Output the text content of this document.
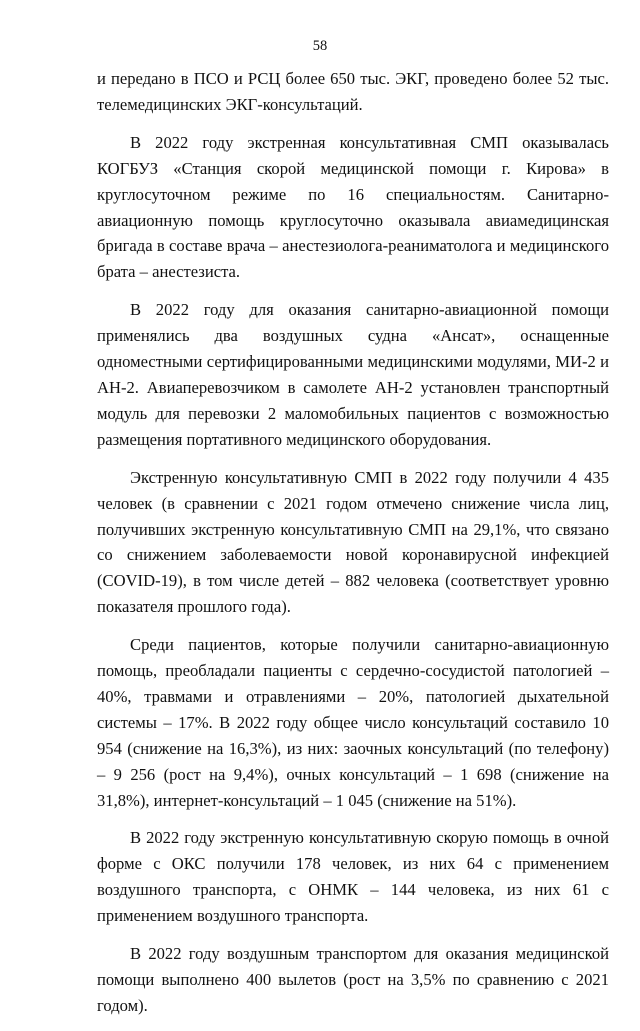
58

и передано в ПСО и РСЦ более 650 тыс. ЭКГ, проведено более 52 тыс. телемедицинских ЭКГ-консультаций.

В 2022 году экстренная консультативная СМП оказывалась КОГБУЗ «Станция скорой медицинской помощи г. Кирова» в круглосуточном режиме по 16 специальностям. Санитарно-авиационную помощь круглосуточно оказывала авиамедицинская бригада в составе врача – анестезиолога-реаниматолога и медицинского брата – анестезиста.

В 2022 году для оказания санитарно-авиационной помощи применялись два воздушных судна «Ансат», оснащенные одноместными сертифицированными медицинскими модулями, МИ-2 и АН-2. Авиаперевозчиком в самолете АН-2 установлен транспортный модуль для перевозки 2 маломобильных пациентов с возможностью размещения портативного медицинского оборудования.

Экстренную консультативную СМП в 2022 году получили 4 435 человек (в сравнении с 2021 годом отмечено снижение числа лиц, получивших экстренную консультативную СМП на 29,1%, что связано со снижением заболеваемости новой коронавирусной инфекцией (COVID-19), в том числе детей – 882 человека (соответствует уровню показателя прошлого года).

Среди пациентов, которые получили санитарно-авиационную помощь, преобладали пациенты с сердечно-сосудистой патологией – 40%, травмами и отравлениями – 20%, патологией дыхательной системы – 17%. В 2022 году общее число консультаций составило 10 954 (снижение на 16,3%), из них: заочных консультаций (по телефону) – 9 256 (рост на 9,4%), очных консультаций – 1 698 (снижение на 31,8%), интернет-консультаций – 1 045 (снижение на 51%).

В 2022 году экстренную консультативную скорую помощь в очной форме с ОКС получили 178 человек, из них 64 с применением воздушного транспорта, с ОНМК – 144 человека, из них 61 с применением воздушного транспорта.

В 2022 году воздушным транспортом для оказания медицинской помощи выполнено 400 вылетов (рост на 3,5% по сравнению с 2021 годом).
